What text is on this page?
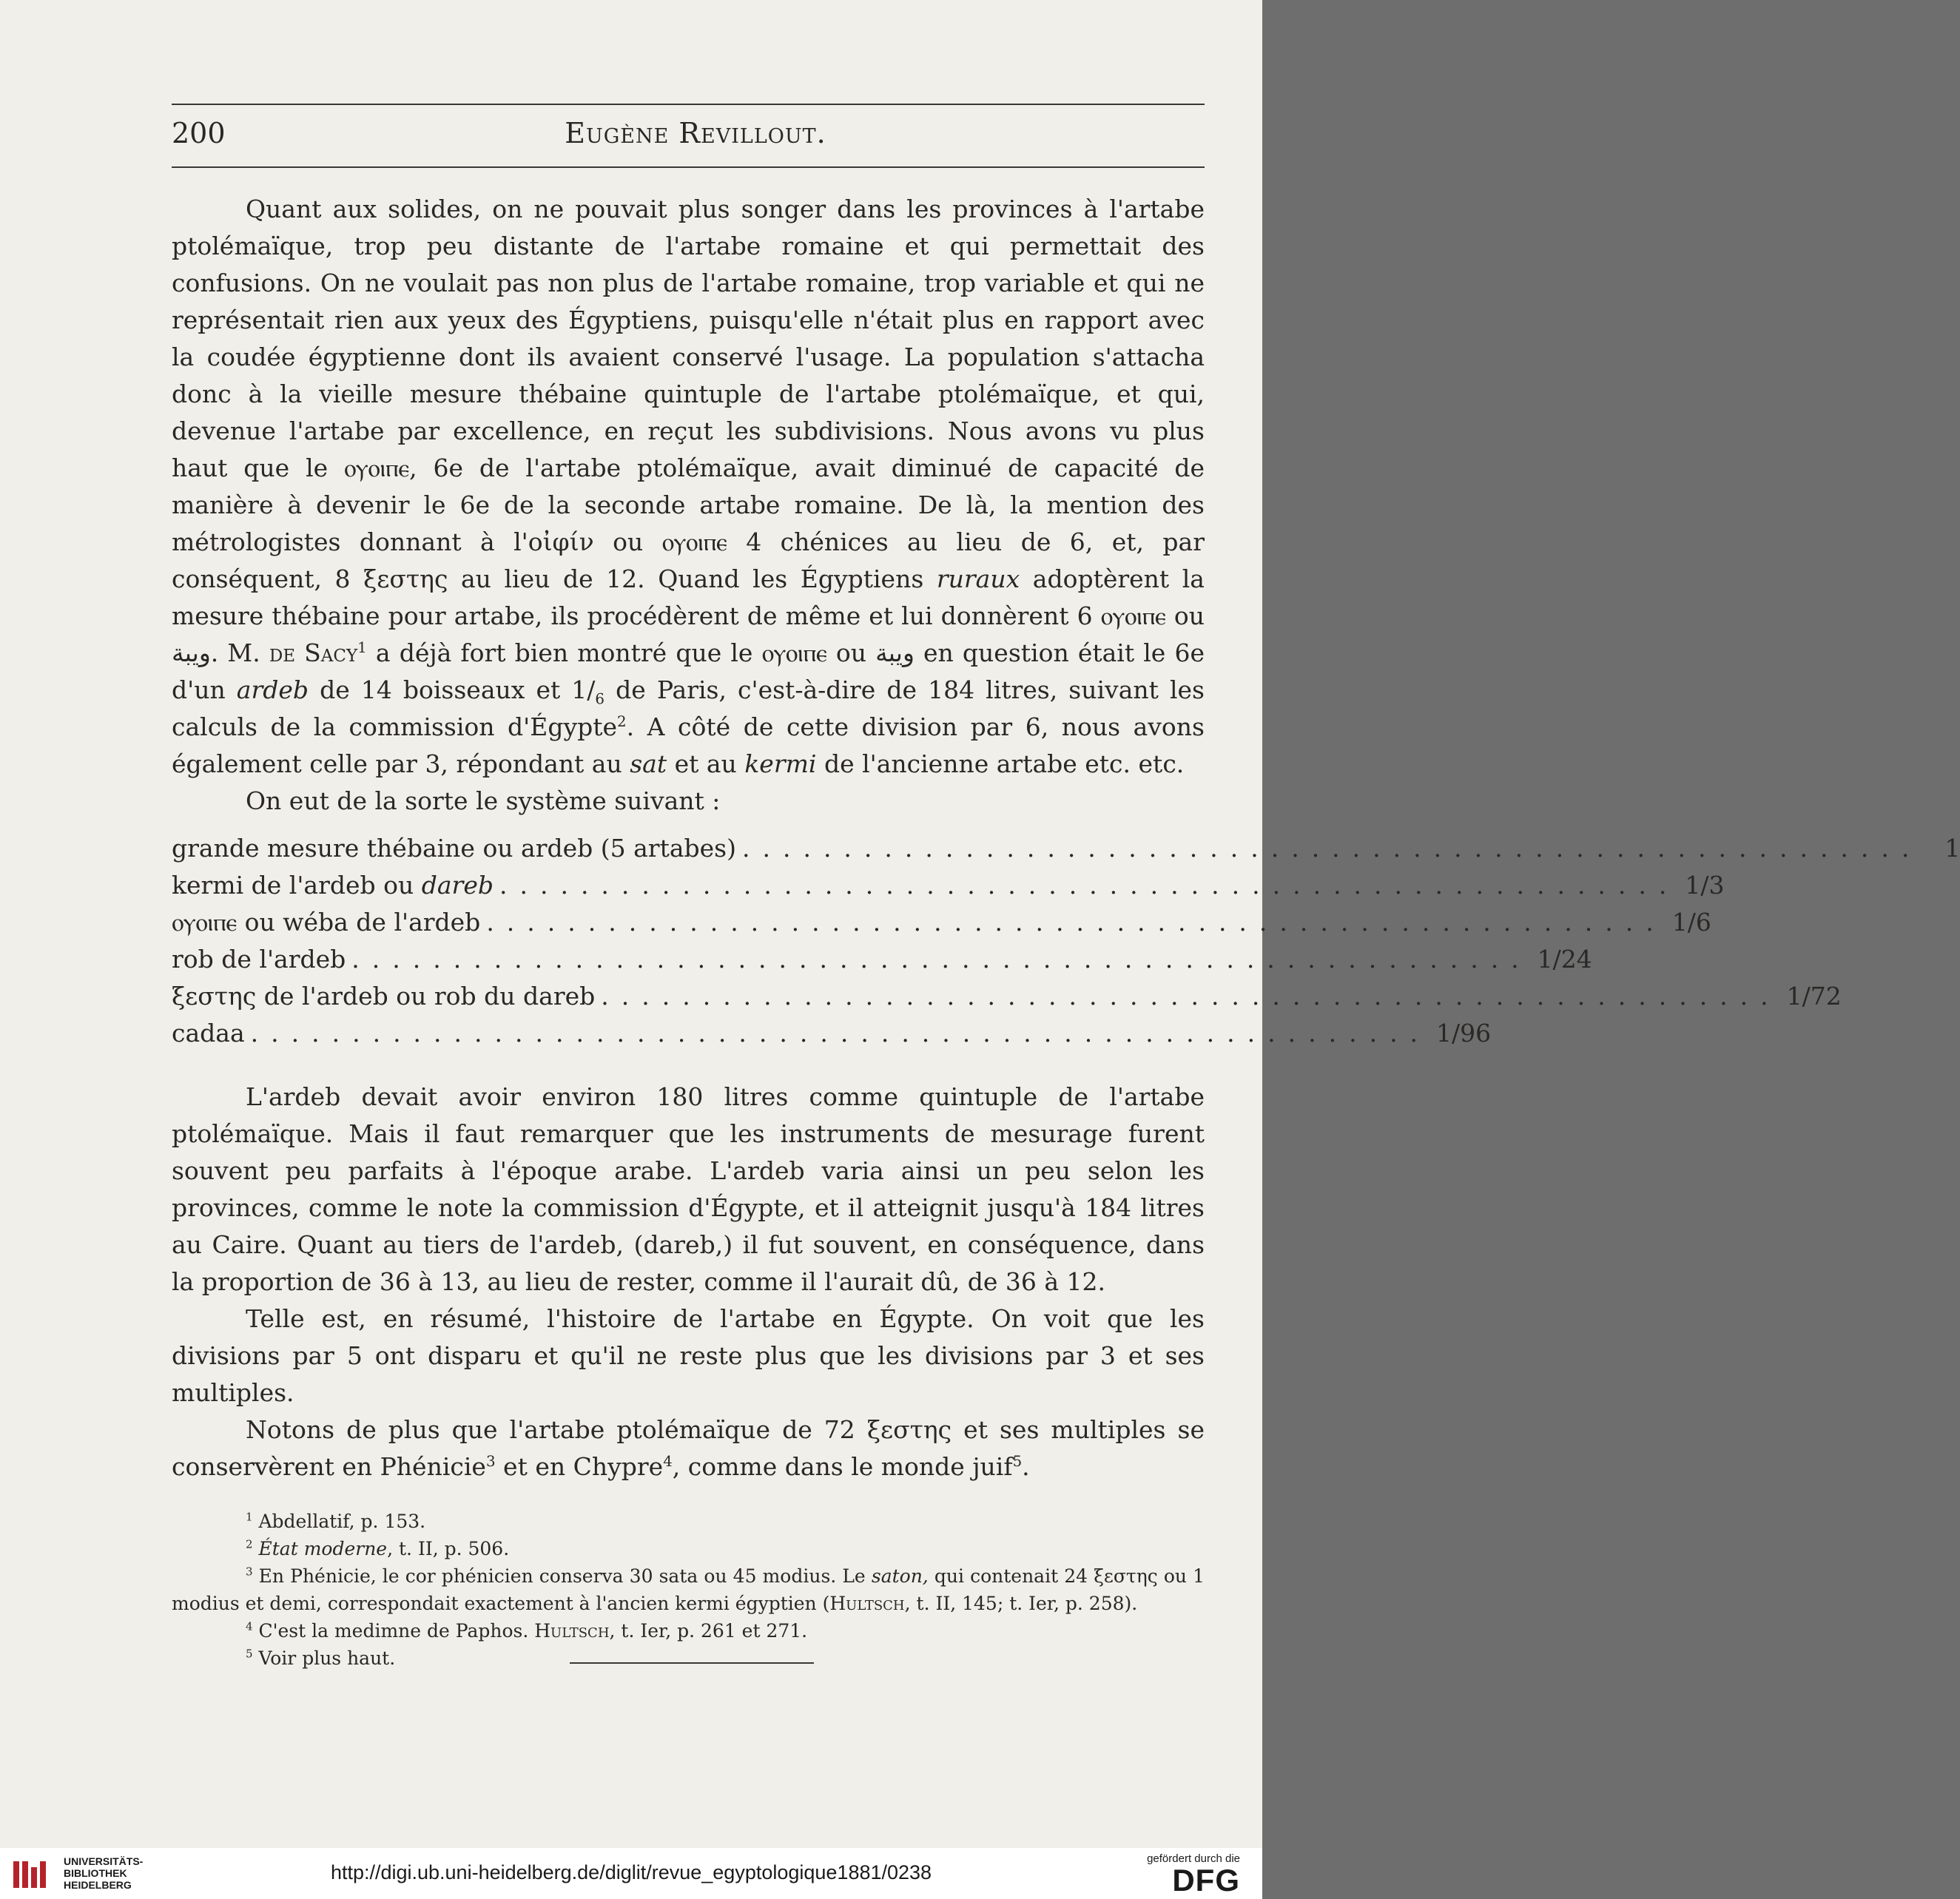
200	Eugène Revillout.

Quant aux solides, on ne pouvait plus songer dans les provinces à l'artabe ptolémaïque, trop peu distante de l'artabe romaine et qui permettait des confusions. On ne voulait pas non plus de l'artabe romaine, trop variable et qui ne représentait rien aux yeux des Égyptiens, puisqu'elle n'était plus en rapport avec la coudée égyptienne dont ils avaient conservé l'usage. La population s'attacha donc à la vieille mesure thébaine quintuple de l'artabe ptolémaïque, et qui, devenue l'artabe par excellence, en reçut les subdivisions. Nous avons vu plus haut que le ⲟⲩⲟⲓⲡⲉ, 6e de l'artabe ptolémaïque, avait diminué de capacité de manière à devenir le 6e de la seconde artabe romaine. De là, la mention des métrologistes donnant à l'οἰφίν ou ⲟⲩⲟⲓⲡⲉ 4 chénices au lieu de 6, et, par conséquent, 8 ξεστης au lieu de 12. Quand les Égyptiens ruraux adoptèrent la mesure thébaine pour artabe, ils procédèrent de même et lui donnèrent 6 ⲟⲩⲟⲓⲡⲉ ou ويبة. M. de Sacy$^1$ a déjà fort bien montré que le ⲟⲩⲟⲓⲡⲉ ou ويبة en question était le 6e d'un ardeb de 14 boisseaux et $1/_6$ de Paris, c'est-à-dire de 184 litres, suivant les calculs de la commission d'Égypte$^2$. A côté de cette division par 6, nous avons également celle par 3, répondant au sat et au kermi de l'ancienne artabe etc. etc.

On eut de la sorte le système suivant :

grande mesure thébaine ou ardeb (5 artabes) .......................................................... 1
kermi de l'ardeb ou dareb .......................................................... 1/3
ⲟⲩⲟⲓⲡⲉ ou wéba de l'ardeb .......................................................... 1/6
rob de l'ardeb .......................................................... 1/24
ξεστης de l'ardeb ou rob du dareb .......................................................... 1/72
cadaa .......................................................... 1/96

L'ardeb devait avoir environ 180 litres comme quintuple de l'artabe ptolémaïque. Mais il faut remarquer que les instruments de mesurage furent souvent peu parfaits à l'époque arabe. L'ardeb varia ainsi un peu selon les provinces, comme le note la commission d'Égypte, et il atteignit jusqu'à 184 litres au Caire. Quant au tiers de l'ardeb, (dareb,) il fut souvent, en conséquence, dans la proportion de 36 à 13, au lieu de rester, comme il l'aurait dû, de 36 à 12.

Telle est, en résumé, l'histoire de l'artabe en Égypte. On voit que les divisions par 5 ont disparu et qu'il ne reste plus que les divisions par 3 et ses multiples.

Notons de plus que l'artabe ptolémaïque de 72 ξεστης et ses multiples se conservèrent en Phénicie$^3$ et en Chypre$^4$, comme dans le monde juif$^5$.

$^1$ Abdellatif, p. 153.

$^2$ État moderne, t. II, p. 506.

$^3$ En Phénicie, le cor phénicien conserva 30 sata ou 45 modius. Le saton, qui contenait 24 ξεστης ou 1 modius et demi, correspondait exactement à l'ancien kermi égyptien (Hultsch, t. II, 145; t. Ier, p. 258).

$^4$ C'est la medimne de Paphos. Hultsch, t. Ier, p. 261 et 271.

$^5$ Voir plus haut.

UNIVERSITÄTS-
BIBLIOTHEK
HEIDELBERG
http://digi.ub.uni-heidelberg.de/diglit/revue_egyptologique1881/0238
gefördert durch die
DFG
